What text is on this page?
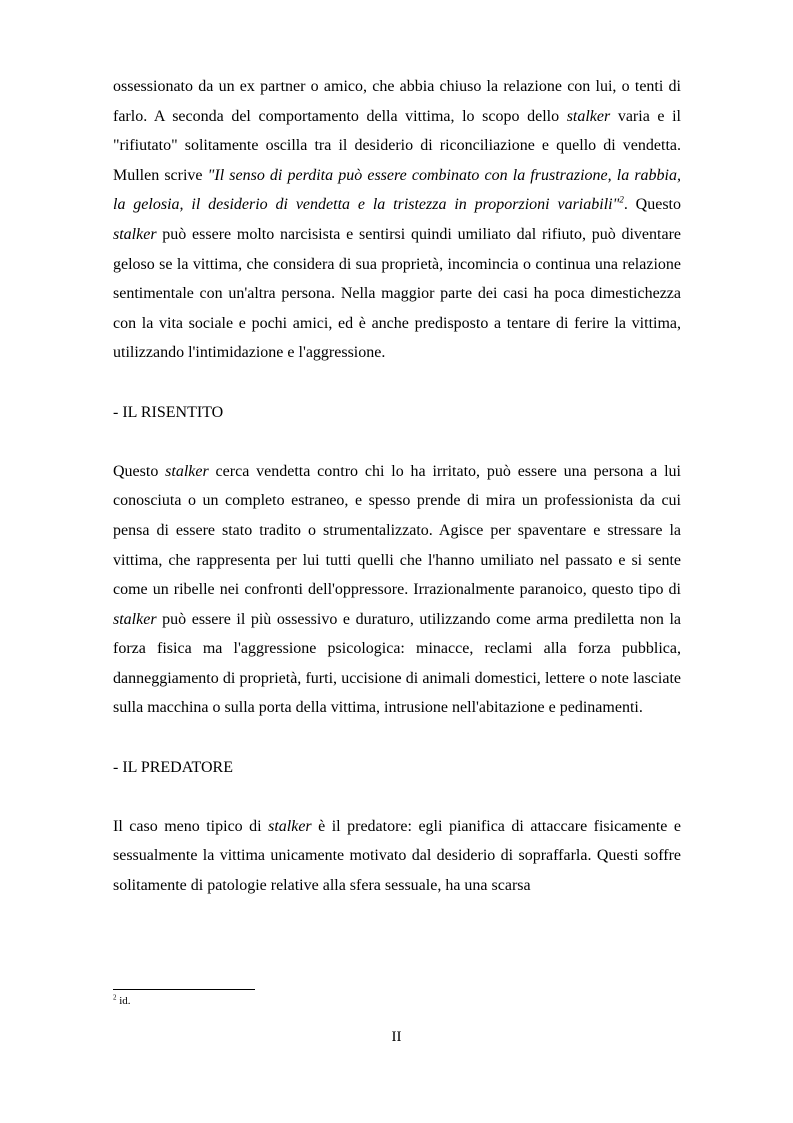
ossessionato da un ex partner o amico, che abbia chiuso la relazione con lui, o tenti di farlo. A seconda del comportamento della vittima, lo scopo dello stalker varia e il "rifiutato" solitamente oscilla tra il desiderio di riconciliazione e quello di vendetta. Mullen scrive "Il senso di perdita può essere combinato con la frustrazione, la rabbia, la gelosia, il desiderio di vendetta e la tristezza in proporzioni variabili"$^2$. Questo stalker può essere molto narcisista e sentirsi quindi umiliato dal rifiuto, può diventare geloso se la vittima, che considera di sua proprietà, incomincia o continua una relazione sentimentale con un'altra persona. Nella maggior parte dei casi ha poca dimestichezza con la vita sociale e pochi amici, ed è anche predisposto a tentare di ferire la vittima, utilizzando l'intimidazione e l'aggressione.

- IL RISENTITO

Questo stalker cerca vendetta contro chi lo ha irritato, può essere una persona a lui conosciuta o un completo estraneo, e spesso prende di mira un professionista da cui pensa di essere stato tradito o strumentalizzato. Agisce per spaventare e stressare la vittima, che rappresenta per lui tutti quelli che l'hanno umiliato nel passato e si sente come un ribelle nei confronti dell'oppressore. Irrazionalmente paranoico, questo tipo di stalker può essere il più ossessivo e duraturo, utilizzando come arma prediletta non la forza fisica ma l'aggressione psicologica: minacce, reclami alla forza pubblica, danneggiamento di proprietà, furti, uccisione di animali domestici, lettere o note lasciate sulla macchina o sulla porta della vittima, intrusione nell'abitazione e pedinamenti.

- IL PREDATORE

Il caso meno tipico di stalker è il predatore: egli pianifica di attaccare fisicamente e sessualmente la vittima unicamente motivato dal desiderio di sopraffarla. Questi soffre solitamente di patologie relative alla sfera sessuale, ha una scarsa

$^2$ id.
II
